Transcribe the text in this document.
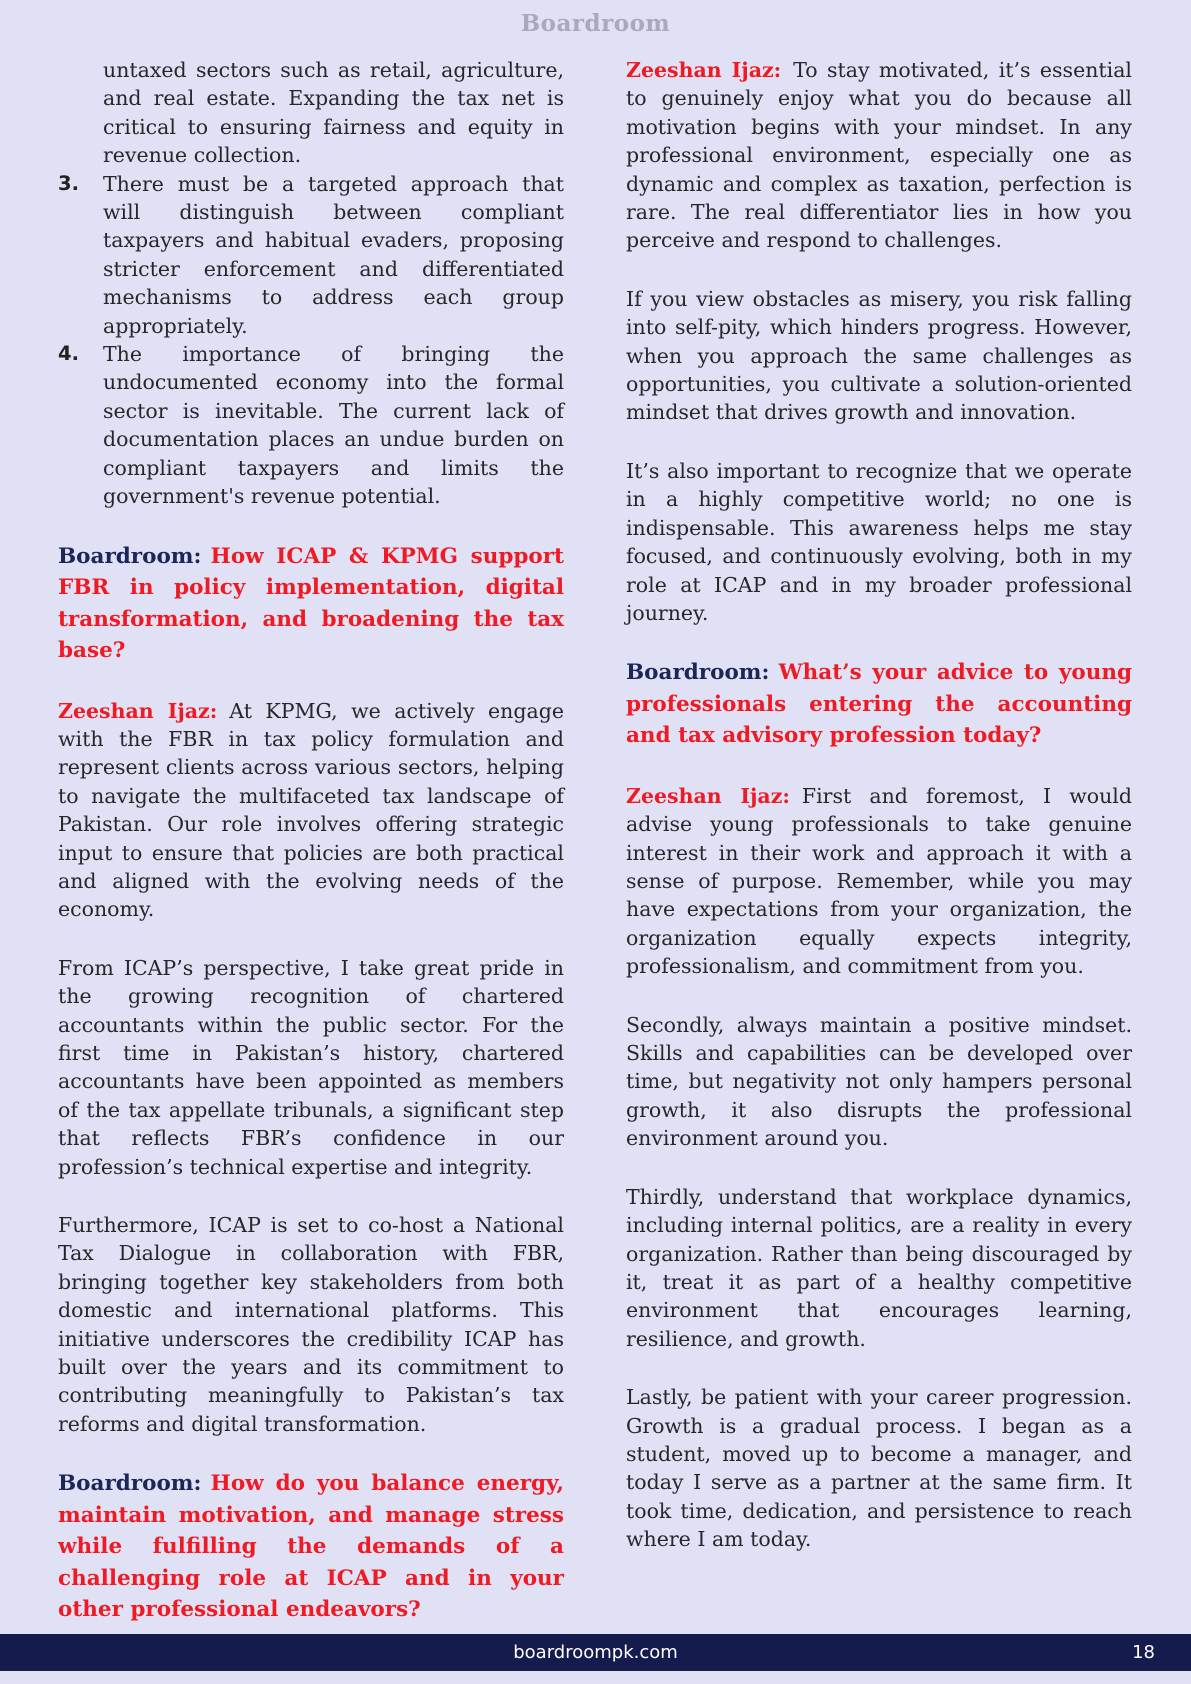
Boardroom
untaxed sectors such as retail, agriculture, and real estate. Expanding the tax net is critical to ensuring fairness and equity in revenue collection.
3.	There must be a targeted approach that will distinguish between compliant taxpayers and habitual evaders, proposing stricter enforcement and differentiated mechanisms to address each group appropriately.
4.	The importance of bringing the undocumented economy into the formal sector is inevitable. The current lack of documentation places an undue burden on compliant taxpayers and limits the government's revenue potential.
Boardroom: How ICAP & KPMG support FBR in policy implementation, digital transformation, and broadening the tax base?
Zeeshan Ijaz: At KPMG, we actively engage with the FBR in tax policy formulation and represent clients across various sectors, helping to navigate the multifaceted tax landscape of Pakistan. Our role involves offering strategic input to ensure that policies are both practical and aligned with the evolving needs of the economy.
From ICAP’s perspective, I take great pride in the growing recognition of chartered accountants within the public sector. For the first time in Pakistan’s history, chartered accountants have been appointed as members of the tax appellate tribunals, a significant step that reflects FBR’s confidence in our profession’s technical expertise and integrity.
Furthermore, ICAP is set to co-host a National Tax Dialogue in collaboration with FBR, bringing together key stakeholders from both domestic and international platforms. This initiative underscores the credibility ICAP has built over the years and its commitment to contributing meaningfully to Pakistan’s tax reforms and digital transformation.
Boardroom: How do you balance energy, maintain motivation, and manage stress while fulfilling the demands of a challenging role at ICAP and in your other professional endeavors?
Zeeshan Ijaz: To stay motivated, it’s essential to genuinely enjoy what you do because all motivation begins with your mindset. In any professional environment, especially one as dynamic and complex as taxation, perfection is rare. The real differentiator lies in how you perceive and respond to challenges.
If you view obstacles as misery, you risk falling into self-pity, which hinders progress. However, when you approach the same challenges as opportunities, you cultivate a solution-oriented mindset that drives growth and innovation.
It’s also important to recognize that we operate in a highly competitive world; no one is indispensable. This awareness helps me stay focused, and continuously evolving, both in my role at ICAP and in my broader professional journey.
Boardroom: What’s your advice to young professionals entering the accounting and tax advisory profession today?
Zeeshan Ijaz: First and foremost, I would advise young professionals to take genuine interest in their work and approach it with a sense of purpose. Remember, while you may have expectations from your organization, the organization equally expects integrity, professionalism, and commitment from you.
Secondly, always maintain a positive mindset. Skills and capabilities can be developed over time, but negativity not only hampers personal growth, it also disrupts the professional environment around you.
Thirdly, understand that workplace dynamics, including internal politics, are a reality in every organization. Rather than being discouraged by it, treat it as part of a healthy competitive environment that encourages learning, resilience, and growth.
Lastly, be patient with your career progression. Growth is a gradual process. I began as a student, moved up to become a manager, and today I serve as a partner at the same firm. It took time, dedication, and persistence to reach where I am today.
boardroompk.com	18
